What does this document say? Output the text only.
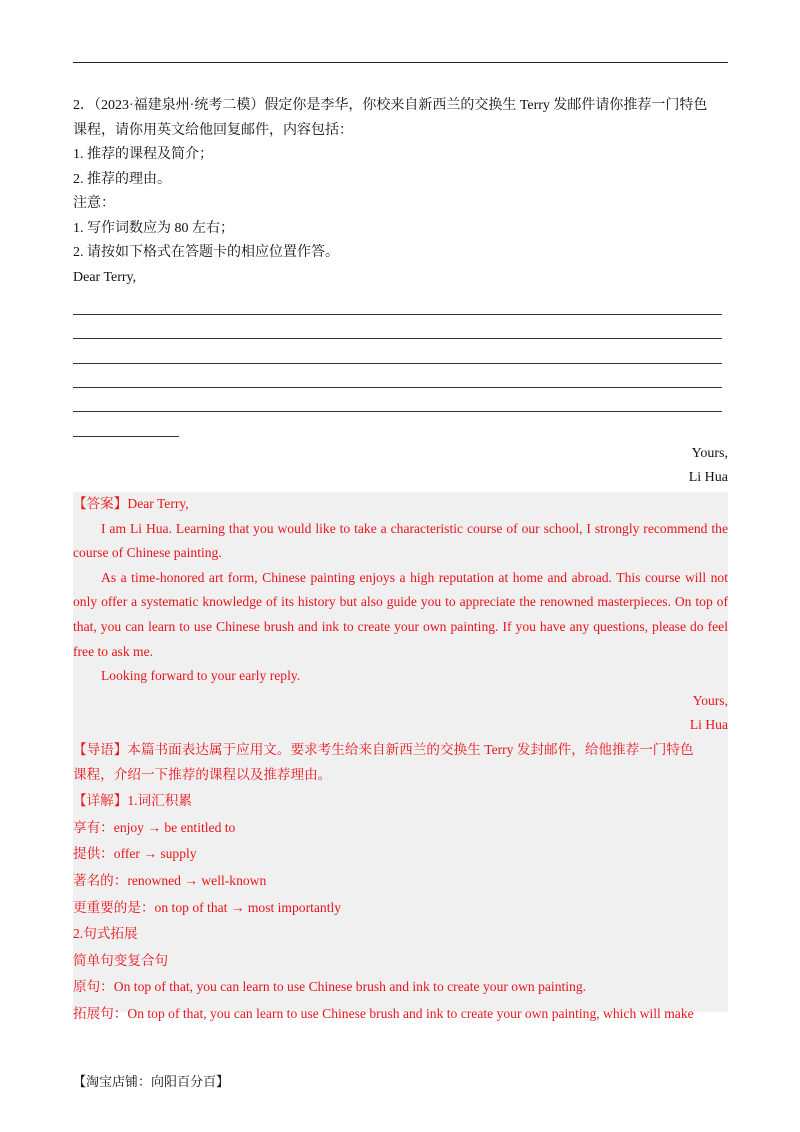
2．（2023·福建泉州·统考二模）假定你是李华，你校来自新西兰的交换生 Terry 发邮件请你推荐一门特色

课程，请你用英文给他回复邮件，内容包括：

1. 推荐的课程及简介；

2. 推荐的理由。

注意：

1. 写作词数应为 80 左右；

2. 请按如下格式在答题卡的相应位置作答。

Dear Terry,

Yours,
Li Hua

【答案】Dear Terry,

I am Li Hua. Learning that you would like to take a characteristic course of our school, I strongly recommend the course of Chinese painting.

As a time-honored art form, Chinese painting enjoys a high reputation at home and abroad. This course will not only offer a systematic knowledge of its history but also guide you to appreciate the renowned masterpieces. On top of that, you can learn to use Chinese brush and ink to create your own painting. If you have any questions, please do feel free to ask me.

Looking forward to your early reply.

Yours,

Li Hua

【导语】本篇书面表达属于应用文。要求考生给来自新西兰的交换生 Terry 发封邮件，给他推荐一门特色

课程，介绍一下推荐的课程以及推荐理由。

【详解】1.词汇积累

享有：enjoy → be entitled to

提供：offer → supply

著名的：renowned → well-known

更重要的是：on top of that → most importantly

2.句式拓展

简单句变复合句

原句：On top of that, you can learn to use Chinese brush and ink to create your own painting.

拓展句：On top of that, you can learn to use Chinese brush and ink to create your own painting, which will make

【淘宝店铺：向阳百分百】
